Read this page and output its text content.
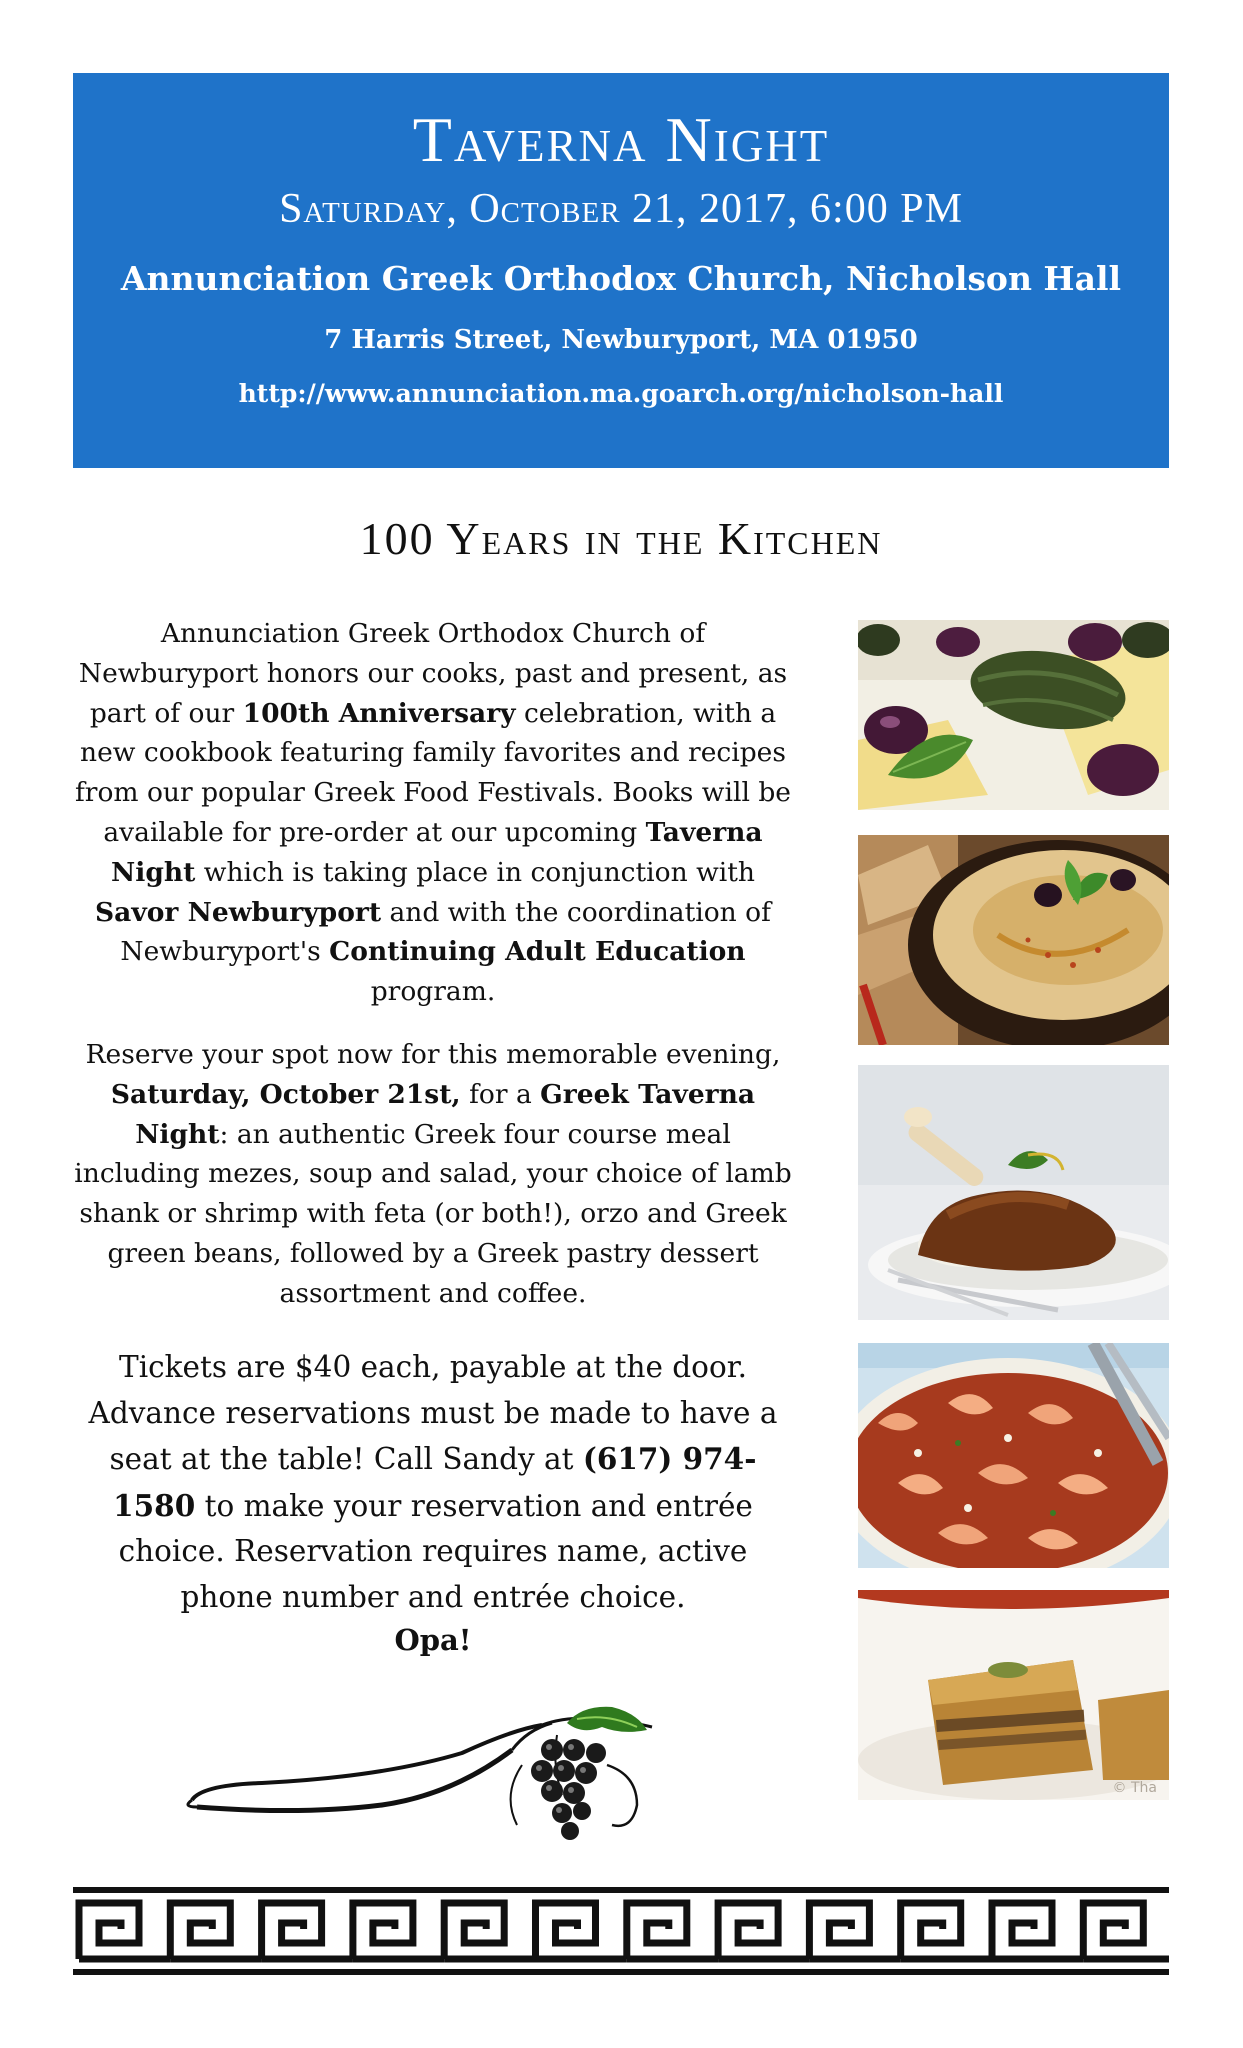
Taverna Night
Saturday, October 21, 2017, 6:00 PM
Annunciation Greek Orthodox Church, Nicholson Hall
7 Harris Street, Newburyport, MA 01950
http://www.annunciation.ma.goarch.org/nicholson-hall
100 Years in the Kitchen
Annunciation Greek Orthodox Church of Newburyport honors our cooks, past and present, as part of our 100th Anniversary celebration, with a new cookbook featuring family favorites and recipes from our popular Greek Food Festivals. Books will be available for pre-order at our upcoming Taverna Night which is taking place in conjunction with Savor Newburyport and with the coordination of Newburyport's Continuing Adult Education program.
Reserve your spot now for this memorable evening, Saturday, October 21st, for a Greek Taverna Night: an authentic Greek four course meal including mezes, soup and salad, your choice of lamb shank or shrimp with feta (or both!), orzo and Greek green beans, followed by a Greek pastry dessert assortment and coffee.
Tickets are $40 each, payable at the door. Advance reservations must be made to have a seat at the table! Call Sandy at (617) 974-1580 to make your reservation and entrée choice. Reservation requires name, active phone number and entrée choice.
Opa!
© Tha
